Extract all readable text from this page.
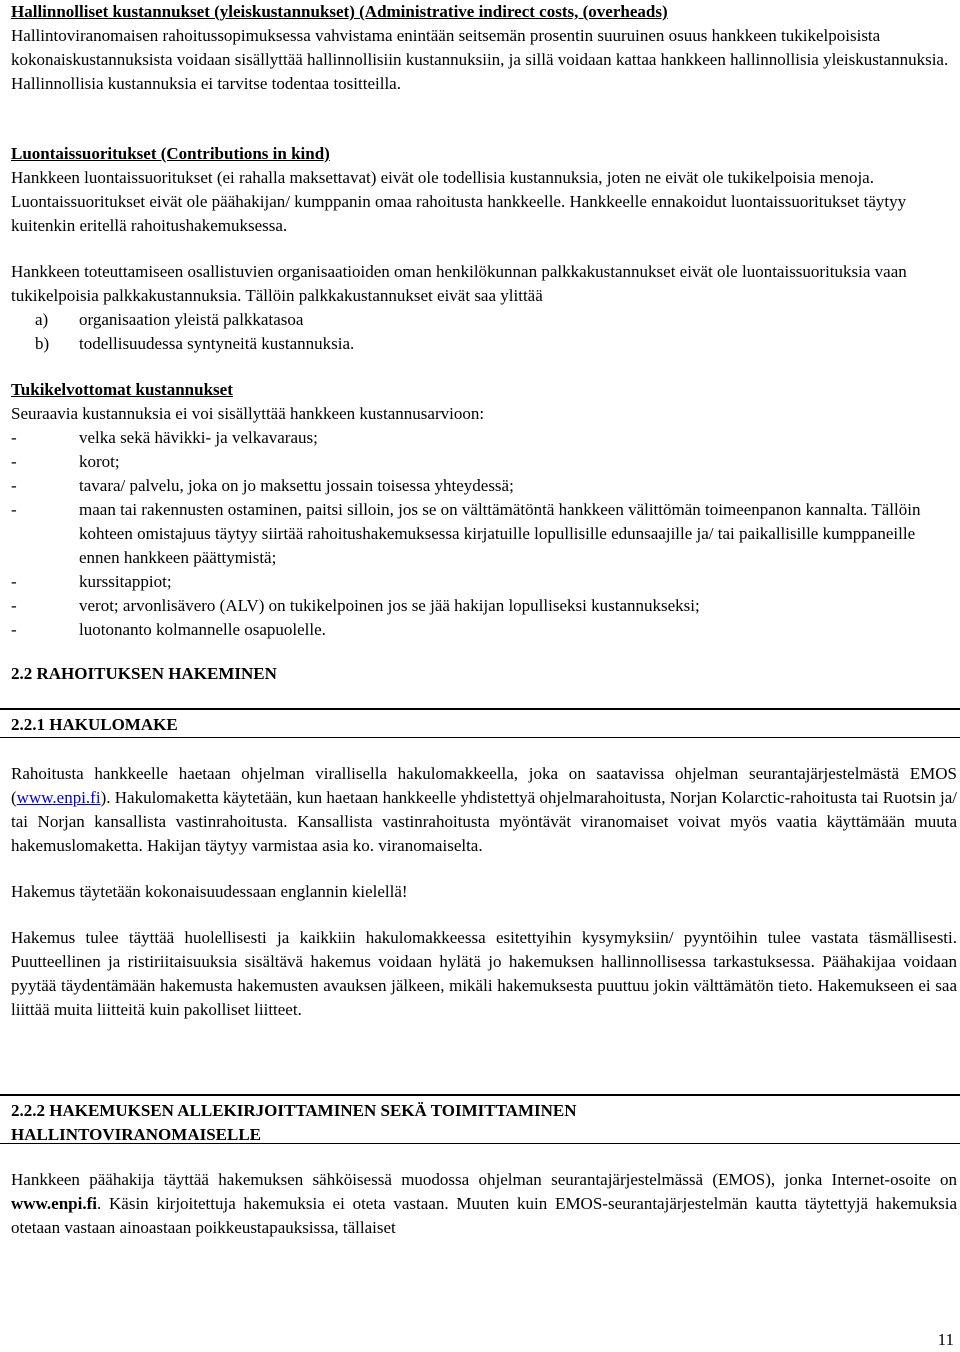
Hallinnolliset kustannukset (yleiskustannukset) (Administrative indirect costs, (overheads)

Hallintoviranomaisen rahoitussopimuksessa vahvistama enintään seitsemän prosentin suuruinen osuus hankkeen tukikelpoisista kokonaiskustannuksista voidaan sisällyttää hallinnollisiin kustannuksiin, ja sillä voidaan kattaa hankkeen hallinnollisia yleiskustannuksia. Hallinnollisia kustannuksia ei tarvitse todentaa tositteilla.

Luontaissuoritukset (Contributions in kind)

Hankkeen luontaissuoritukset (ei rahalla maksettavat) eivät ole todellisia kustannuksia, joten ne eivät ole tukikelpoisia menoja. Luontaissuoritukset eivät ole päähakijan/ kumppanin omaa rahoitusta hankkeelle. Hankkeelle ennakoidut luontaissuoritukset täytyy kuitenkin eritellä rahoitushakemuksessa.

Hankkeen toteuttamiseen osallistuvien organisaatioiden oman henkilökunnan palkkakustannukset eivät ole luontaissuorituksia vaan tukikelpoisia palkkakustannuksia. Tällöin palkkakustannukset eivät saa ylittää

a) organisaation yleistä palkkatasoa
b) todellisuudessa syntyneitä kustannuksia.

Tukikelvottomat kustannukset

Seuraavia kustannuksia ei voi sisällyttää hankkeen kustannusarvioon:

-	velka sekä hävikki- ja velkavaraus;
-	korot;
-	tavara/ palvelu, joka on jo maksettu jossain toisessa yhteydessä;
-	maan tai rakennusten ostaminen, paitsi silloin, jos se on välttämätöntä hankkeen välittömän toimeenpanon kannalta. Tällöin kohteen omistajuus täytyy siirtää rahoitushakemuksessa kirjatuille lopullisille edunsaajille ja/ tai paikallisille kumppaneille ennen hankkeen päättymistä;
-	kurssitappiot;
-	verot; arvonlisävero (ALV) on tukikelpoinen jos se jää hakijan lopulliseksi kustannukseksi;
-	luotonanto kolmannelle osapuolelle.

2.2 RAHOITUKSEN HAKEMINEN

2.2.1 HAKULOMAKE

Rahoitusta hankkeelle haetaan ohjelman virallisella hakulomakkeella, joka on saatavissa ohjelman seurantajärjestelmästä EMOS (www.enpi.fi). Hakulomaketta käytetään, kun haetaan hankkeelle yhdistettyä ohjelmarahoitusta, Norjan Kolarctic-rahoitusta tai Ruotsin ja/ tai Norjan kansallista vastinrahoitusta. Kansallista vastinrahoitusta myöntävät viranomaiset voivat myös vaatia käyttämään muuta hakemuslomaketta. Hakijan täytyy varmistaa asia ko. viranomaiselta.

Hakemus täytetään kokonaisuudessaan englannin kielellä!

Hakemus tulee täyttää huolellisesti ja kaikkiin hakulomakkeessa esitettyihin kysymyksiin/ pyyntöihin tulee vastata täsmällisesti. Puutteellinen ja ristiriitaisuuksia sisältävä hakemus voidaan hylätä jo hakemuksen hallinnollisessa tarkastuksessa. Päähakijaa voidaan pyytää täydentämään hakemusta hakemusten avauksen jälkeen, mikäli hakemuksesta puuttuu jokin välttämätön tieto. Hakemukseen ei saa liittää muita liitteitä kuin pakolliset liitteet.

2.2.2 HAKEMUKSEN ALLEKIRJOITTAMINEN SEKÄ TOIMITTAMINEN
HALLINTOVIRANOMAISELLE

Hankkeen päähakija täyttää hakemuksen sähköisessä muodossa ohjelman seurantajärjestelmässä (EMOS), jonka Internet-osoite on www.enpi.fi. Käsin kirjoitettuja hakemuksia ei oteta vastaan. Muuten kuin EMOS-seurantajärjestelmän kautta täytettyjä hakemuksia otetaan vastaan ainoastaan poikkeustapauksissa, tällaiset

11
